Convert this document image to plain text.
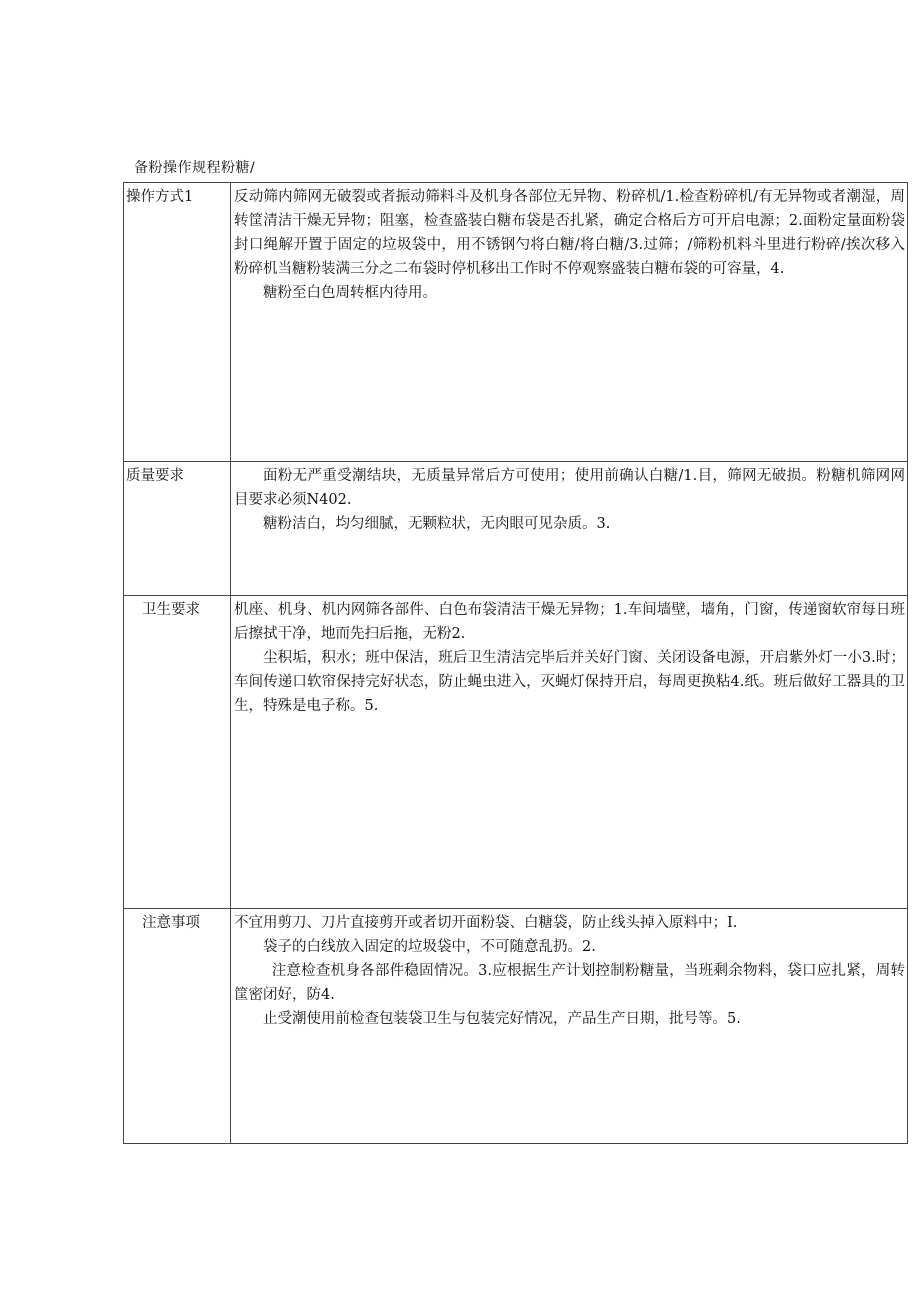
备粉操作规程粉糖/
操作方式1	反动筛内筛网无破裂或者振动筛料斗及机身各部位无异物、粉碎机/1.检查粉碎机/有无异物或者潮湿，周转筐清洁干燥无异物；阻塞，检查盛装白糖布袋是否扎紧，确定合格后方可开启电源；2.面粉定量面粉袋封口绳解开置于固定的垃圾袋中，用不锈钢勺将白糖/将白糖/3.过筛；/筛粉机料斗里进行粉碎/挨次移入粉碎机当糖粉装满三分之二布袋时停机移出工作时不停观察盛装白糖布袋的可容量，4.

糖粉至白色周转框内待用。

质量要求	面粉无严重受潮结块，无质量异常后方可使用；使用前确认白糖/1.目，筛网无破损。粉糖机筛网网目要求必须N402.

糖粉洁白，均匀细腻，无颗粒状，无肉眼可见杂质。3.

卫生要求	机座、机身、机内网筛各部件、白色布袋清洁干燥无异物；1.车间墙壁，墙角，门窗，传递窗软帘每日班后擦拭干净，地而先扫后拖，无粉2.

尘积垢，积水；班中保洁，班后卫生清洁完毕后并关好门窗、关闭设备电源，开启紫外灯一小3.时；车间传递口软帘保持完好状态，防止蝇虫进入，灭蝇灯保持开启，每周更换粘4.纸。班后做好工器具的卫生，特殊是电子称。5.

注意事项	不宜用剪刀、刀片直接剪开或者切开面粉袋、白糖袋，防止线头掉入原料中；I.

袋子的白线放入固定的垃圾袋中，不可随意乱扔。2.

注意检查机身各部件稳固情况。3.应根据生产计划控制粉糖量，当班剩余物料，袋口应扎紧，周转筐密闭好，防4.

止受潮使用前检查包装袋卫生与包装完好情况，产品生产日期，批号等。5.
